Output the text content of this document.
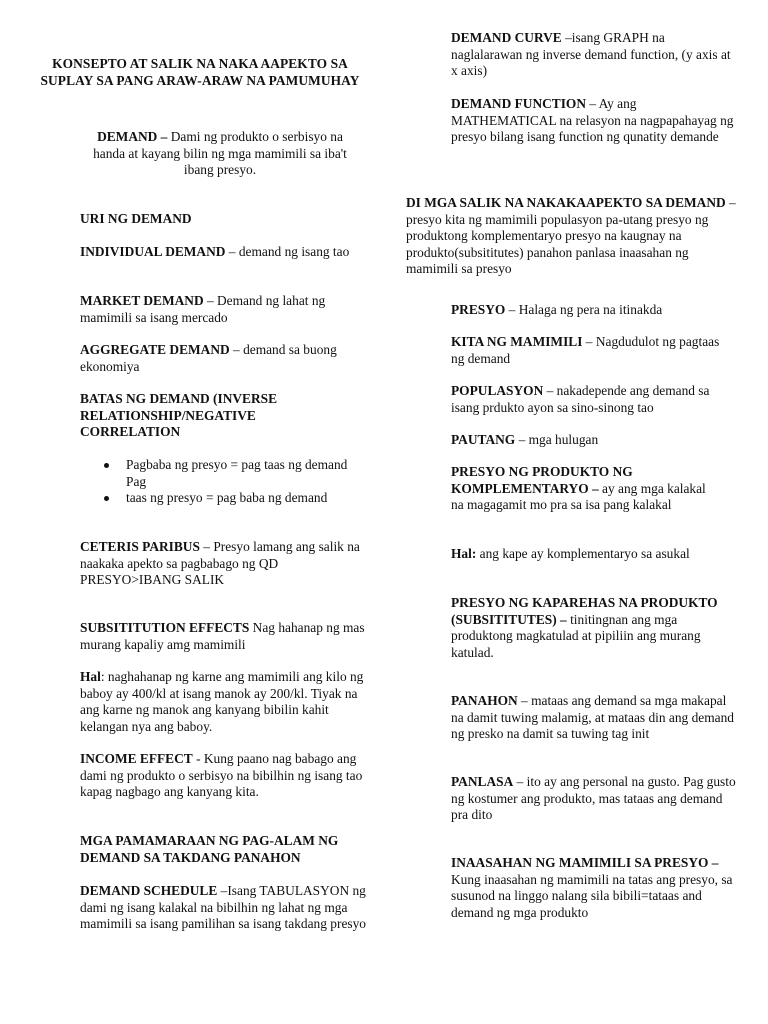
KONSEPTO AT SALIK NA NAKA AAPEKTO SA SUPLAY SA PANG ARAW-ARAW NA PAMUMUHAY
DEMAND – Dami ng produkto o serbisyo na handa at kayang bilin ng mga mamimili sa iba't ibang presyo.
URI NG DEMAND
INDIVIDUAL DEMAND – demand ng isang tao
MARKET DEMAND – Demand ng lahat ng mamimili sa isang mercado
AGGREGATE DEMAND – demand sa buong ekonomiya
BATAS NG DEMAND (INVERSE RELATIONSHIP/NEGATIVE CORRELATION
Pagbaba ng presyo = pag taas ng demand Pag
taas ng presyo = pag baba ng demand
CETERIS PARIBUS – Presyo lamang ang salik na naakaka apekto sa pagbabago ng QD PRESYO>IBANG SALIK
SUBSITITUTION EFFECTS Nag hahanap ng mas murang kapaliy amg mamimili
Hal: naghahanap ng karne ang mamimili ang kilo ng baboy ay 400/kl at isang manok ay 200/kl. Tiyak na ang karne ng manok ang kanyang bibilin kahit kelangan nya ang baboy.
INCOME EFFECT - Kung paano nag babago ang dami ng produkto o serbisyo na bibilhin ng isang tao kapag nagbago ang kanyang kita.
MGA PAMAMARAAN NG PAG-ALAM NG DEMAND SA TAKDANG PANAHON
DEMAND SCHEDULE –Isang TABULASYON ng dami ng isang kalakal na bibilhin ng lahat ng mga mamimili sa isang pamilihan sa isang takdang presyo
DEMAND CURVE –isang GRAPH na naglalarawan ng inverse demand function, (y axis at x axis)
DEMAND FUNCTION – Ay ang MATHEMATICAL na relasyon na nagpapahayag ng presyo bilang isang function ng qunatity demande
DI MGA SALIK NA NAKAKAAPEKTO SA DEMAND – presyo kita ng mamimili populasyon pa-utang presyo ng produktong komplementaryo presyo na kaugnay na produkto(subsititutes) panahon panlasa inaasahan ng mamimili sa presyo
PRESYO – Halaga ng pera na itinakda
KITA NG MAMIMILI – Nagdudulot ng pagtaas ng demand
POPULASYON – nakadepende ang demand sa isang prdukto ayon sa sino-sinong tao
PAUTANG – mga hulugan
PRESYO NG PRODUKTO NG KOMPLEMENTARYO – ay ang mga kalakal na magagamit mo pra sa isa pang kalakal
Hal: ang kape ay komplementaryo sa asukal
PRESYO NG KAPAREHAS NA PRODUKTO (SUBSITITUTES) – tinitingnan ang mga produktong magkatulad at pipiliin ang murang katulad.
PANAHON – mataas ang demand sa mga makapal na damit tuwing malamig, at mataas din ang demand ng presko na damit sa tuwing tag init
PANLASA – ito ay ang personal na gusto. Pag gusto ng kostumer ang produkto, mas tataas ang demand pra dito
INAASAHAN NG MAMIMILI SA PRESYO – Kung inaasahan ng mamimili na tatas ang presyo, sa susunod na linggo nalang sila bibili=tataas and demand ng mga produkto
